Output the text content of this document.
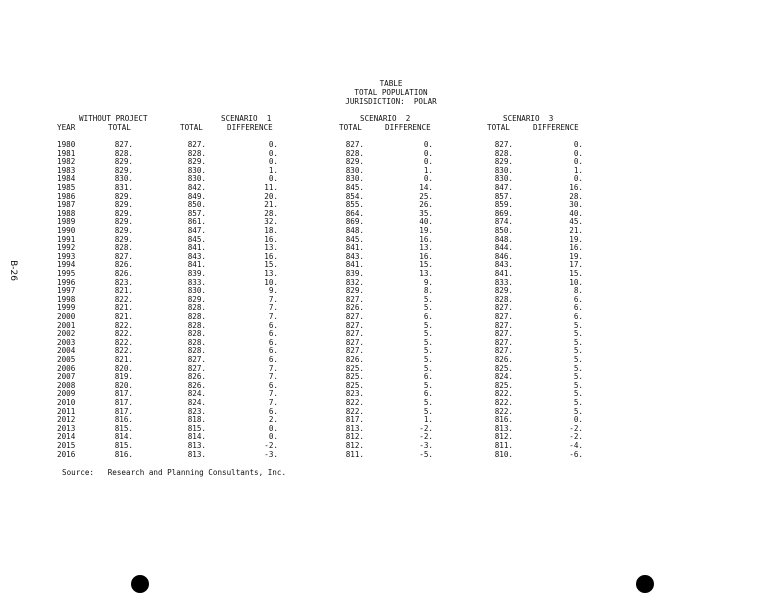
B-26
TABLE
TOTAL POPULATION
JURISDICTION:  POLAR
WITHOUT PROJECT	SCENARIO  1	SCENARIO  2	SCENARIO  3
YEAR	TOTAL	TOTAL	DIFFERENCE	TOTAL	DIFFERENCE	TOTAL	DIFFERENCE
1980	827.	827.	0.	827.	0.	827.	0.
1981	828.	828.	0.	828.	0.	828.	0.
1982	829.	829.	0.	829.	0.	829.	0.
1983	829.	830.	1.	830.	1.	830.	1.
1984	830.	830.	0.	830.	0.	830.	0.
1985	831.	842.	11.	845.	14.	847.	16.
1986	829.	849.	20.	854.	25.	857.	28.
1987	829.	850.	21.	855.	26.	859.	30.
1988	829.	857.	28.	864.	35.	869.	40.
1989	829.	861.	32.	869.	40.	874.	45.
1990	829.	847.	18.	848.	19.	850.	21.
1991	829.	845.	16.	845.	16.	848.	19.
1992	828.	841.	13.	841.	13.	844.	16.
1993	827.	843.	16.	843.	16.	846.	19.
1994	826.	841.	15.	841.	15.	843.	17.
1995	826.	839.	13.	839.	13.	841.	15.
1996	823.	833.	10.	832.	9.	833.	10.
1997	821.	830.	9.	829.	8.	829.	8.
1998	822.	829.	7.	827.	5.	828.	6.
1999	821.	828.	7.	826.	5.	827.	6.
2000	821.	828.	7.	827.	6.	827.	6.
2001	822.	828.	6.	827.	5.	827.	5.
2002	822.	828.	6.	827.	5.	827.	5.
2003	822.	828.	6.	827.	5.	827.	5.
2004	822.	828.	6.	827.	5.	827.	5.
2005	821.	827.	6.	826.	5.	826.	5.
2006	820.	827.	7.	825.	5.	825.	5.
2007	819.	826.	7.	825.	6.	824.	5.
2008	820.	826.	6.	825.	5.	825.	5.
2009	817.	824.	7.	823.	6.	822.	5.
2010	817.	824.	7.	822.	5.	822.	5.
2011	817.	823.	6.	822.	5.	822.	5.
2012	816.	818.	2.	817.	1.	816.	0.
2013	815.	815.	0.	813.	-2.	813.	-2.
2014	814.	814.	0.	812.	-2.	812.	-2.
2015	815.	813.	-2.	812.	-3.	811.	-4.
2016	816.	813.	-3.	811.	-5.	810.	-6.
Source:   Research and Planning Consultants, Inc.
